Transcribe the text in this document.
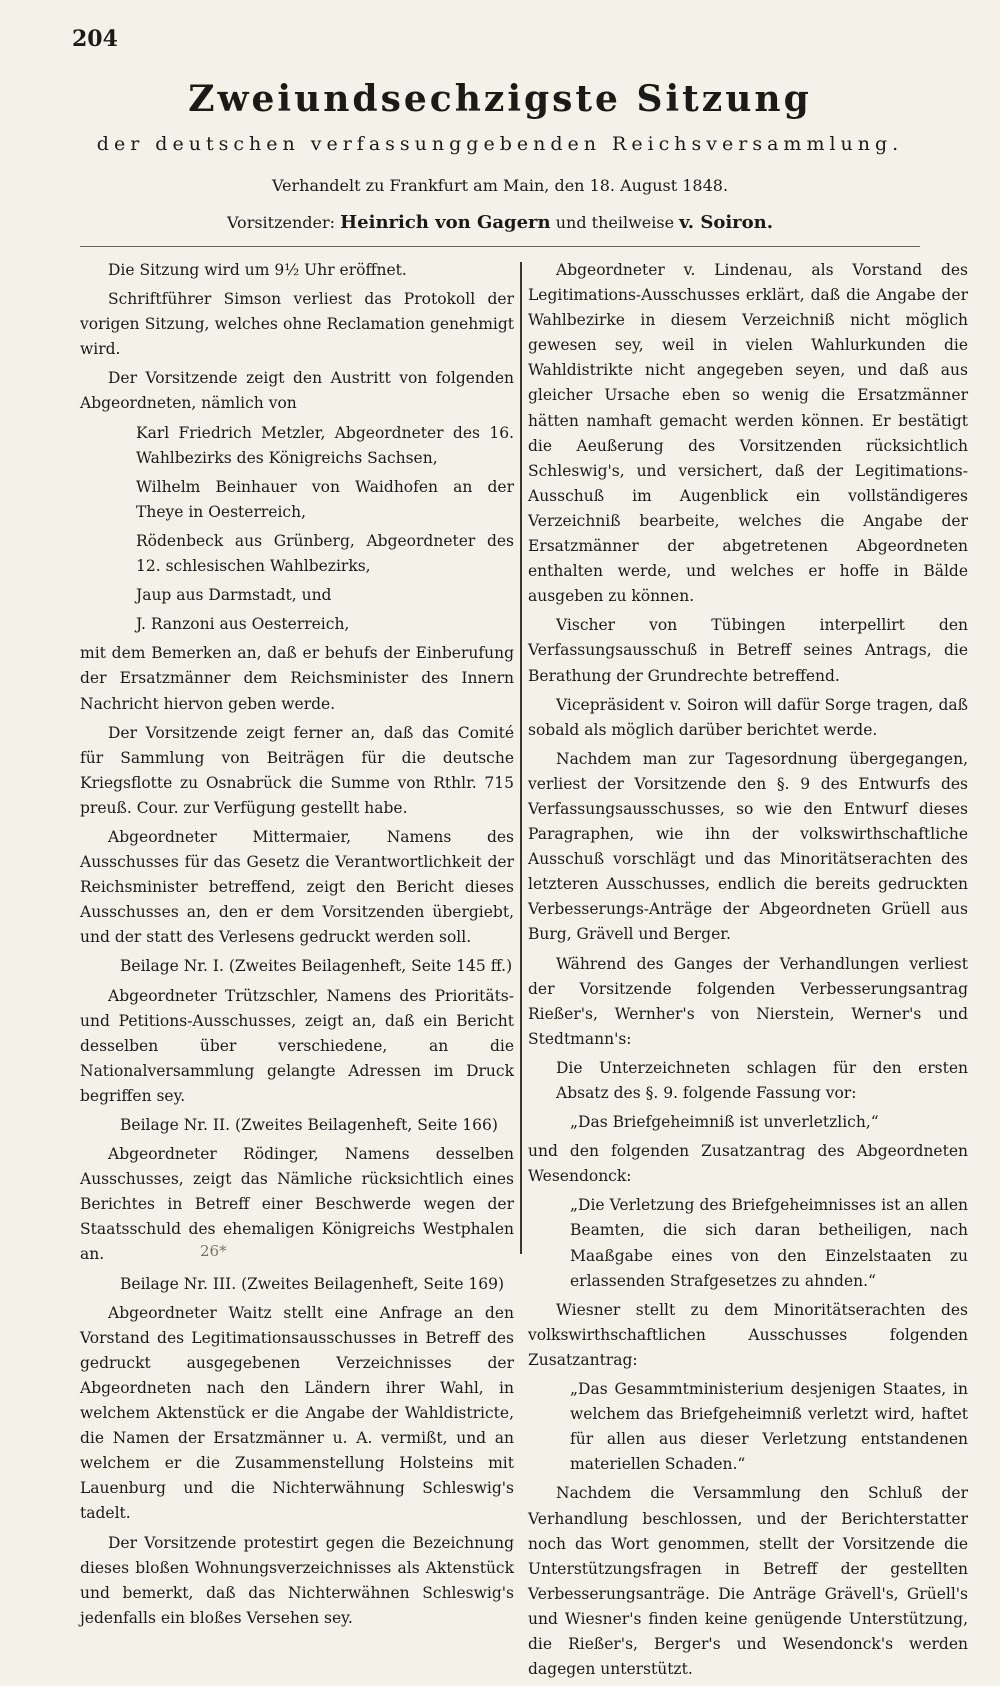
204
Zweiundsechzigste Sitzung
der deutschen verfassunggebenden Reichsversammlung.
Verhandelt zu Frankfurt am Main, den 18. August 1848.
Vorsitzender: Heinrich von Gagern und theilweise v. Soiron.

Die Sitzung wird um 9½ Uhr eröffnet.

Schriftführer Simson verliest das Protokoll der vorigen Sitzung, welches ohne Reclamation genehmigt wird.

Der Vorsitzende zeigt den Austritt von folgenden Abgeordneten, nämlich von

Karl Friedrich Metzler, Abgeordneter des 16. Wahlbezirks des Königreichs Sachsen,

Wilhelm Beinhauer von Waidhofen an der Theye in Oesterreich,

Rödenbeck aus Grünberg, Abgeordneter des 12. schlesischen Wahlbezirks,

Jaup aus Darmstadt, und

J. Ranzoni aus Oesterreich,

mit dem Bemerken an, daß er behufs der Einberufung der Ersatzmänner dem Reichsminister des Innern Nachricht hiervon geben werde.

Der Vorsitzende zeigt ferner an, daß das Comité für Sammlung von Beiträgen für die deutsche Kriegsflotte zu Osnabrück die Summe von Rthlr. 715 preuß. Cour. zur Verfügung gestellt habe.

Abgeordneter Mittermaier, Namens des Ausschusses für das Gesetz die Verantwortlichkeit der Reichsminister betreffend, zeigt den Bericht dieses Ausschusses an, den er dem Vorsitzenden übergiebt, und der statt des Verlesens gedruckt werden soll.

Beilage Nr. I. (Zweites Beilagenheft, Seite 145 ff.)

Abgeordneter Trützschler, Namens des Prioritäts- und Petitions-Ausschusses, zeigt an, daß ein Bericht desselben über verschiedene, an die Nationalversammlung gelangte Adressen im Druck begriffen sey.

Beilage Nr. II. (Zweites Beilagenheft, Seite 166)

Abgeordneter Rödinger, Namens desselben Ausschusses, zeigt das Nämliche rücksichtlich eines Berichtes in Betreff einer Beschwerde wegen der Staatsschuld des ehemaligen Königreichs Westphalen an.

Beilage Nr. III. (Zweites Beilagenheft, Seite 169)

Abgeordneter Waitz stellt eine Anfrage an den Vorstand des Legitimationsausschusses in Betreff des gedruckt ausgegebenen Verzeichnisses der Abgeordneten nach den Ländern ihrer Wahl, in welchem Aktenstück er die Angabe der Wahldistricte, die Namen der Ersatzmänner u. A. vermißt, und an welchem er die Zusammenstellung Holsteins mit Lauenburg und die Nichterwähnung Schleswig's tadelt.

Der Vorsitzende protestirt gegen die Bezeichnung dieses bloßen Wohnungsverzeichnisses als Aktenstück und bemerkt, daß das Nichterwähnen Schleswig's jedenfalls ein bloßes Versehen sey.

Abgeordneter v. Lindenau, als Vorstand des Legitimations-Ausschusses erklärt, daß die Angabe der Wahlbezirke in diesem Verzeichniß nicht möglich gewesen sey, weil in vielen Wahlurkunden die Wahldistrikte nicht angegeben seyen, und daß aus gleicher Ursache eben so wenig die Ersatzmänner hätten namhaft gemacht werden können. Er bestätigt die Aeußerung des Vorsitzenden rücksichtlich Schleswig's, und versichert, daß der Legitimations-Ausschuß im Augenblick ein vollständigeres Verzeichniß bearbeite, welches die Angabe der Ersatzmänner der abgetretenen Abgeordneten enthalten werde, und welches er hoffe in Bälde ausgeben zu können.

Vischer von Tübingen interpellirt den Verfassungsausschuß in Betreff seines Antrags, die Berathung der Grundrechte betreffend.

Vicepräsident v. Soiron will dafür Sorge tragen, daß sobald als möglich darüber berichtet werde.

Nachdem man zur Tagesordnung übergegangen, verliest der Vorsitzende den §. 9 des Entwurfs des Verfassungsausschusses, so wie den Entwurf dieses Paragraphen, wie ihn der volkswirthschaftliche Ausschuß vorschlägt und das Minoritätserachten des letzteren Ausschusses, endlich die bereits gedruckten Verbesserungs-Anträge der Abgeordneten Grüell aus Burg, Grävell und Berger.

Während des Ganges der Verhandlungen verliest der Vorsitzende folgenden Verbesserungsantrag Rießer's, Wernher's von Nierstein, Werner's und Stedtmann's:

Die Unterzeichneten schlagen für den ersten Absatz des §. 9. folgende Fassung vor:

„Das Briefgeheimniß ist unverletzlich,“

und den folgenden Zusatzantrag des Abgeordneten Wesendonck:

„Die Verletzung des Briefgeheimnisses ist an allen Beamten, die sich daran betheiligen, nach Maaßgabe eines von den Einzelstaaten zu erlassenden Strafgesetzes zu ahnden.“

Wiesner stellt zu dem Minoritätserachten des volkswirthschaftlichen Ausschusses folgenden Zusatzantrag:

„Das Gesammtministerium desjenigen Staates, in welchem das Briefgeheimniß verletzt wird, haftet für allen aus dieser Verletzung entstandenen materiellen Schaden.“

Nachdem die Versammlung den Schluß der Verhandlung beschlossen, und der Berichterstatter noch das Wort genommen, stellt der Vorsitzende die Unterstützungsfragen in Betreff der gestellten Verbesserungsanträge. Die Anträge Grävell's, Grüell's und Wiesner's finden keine genügende Unterstützung, die Rießer's, Berger's und Wesendonck's werden dagegen unterstützt.

26*
